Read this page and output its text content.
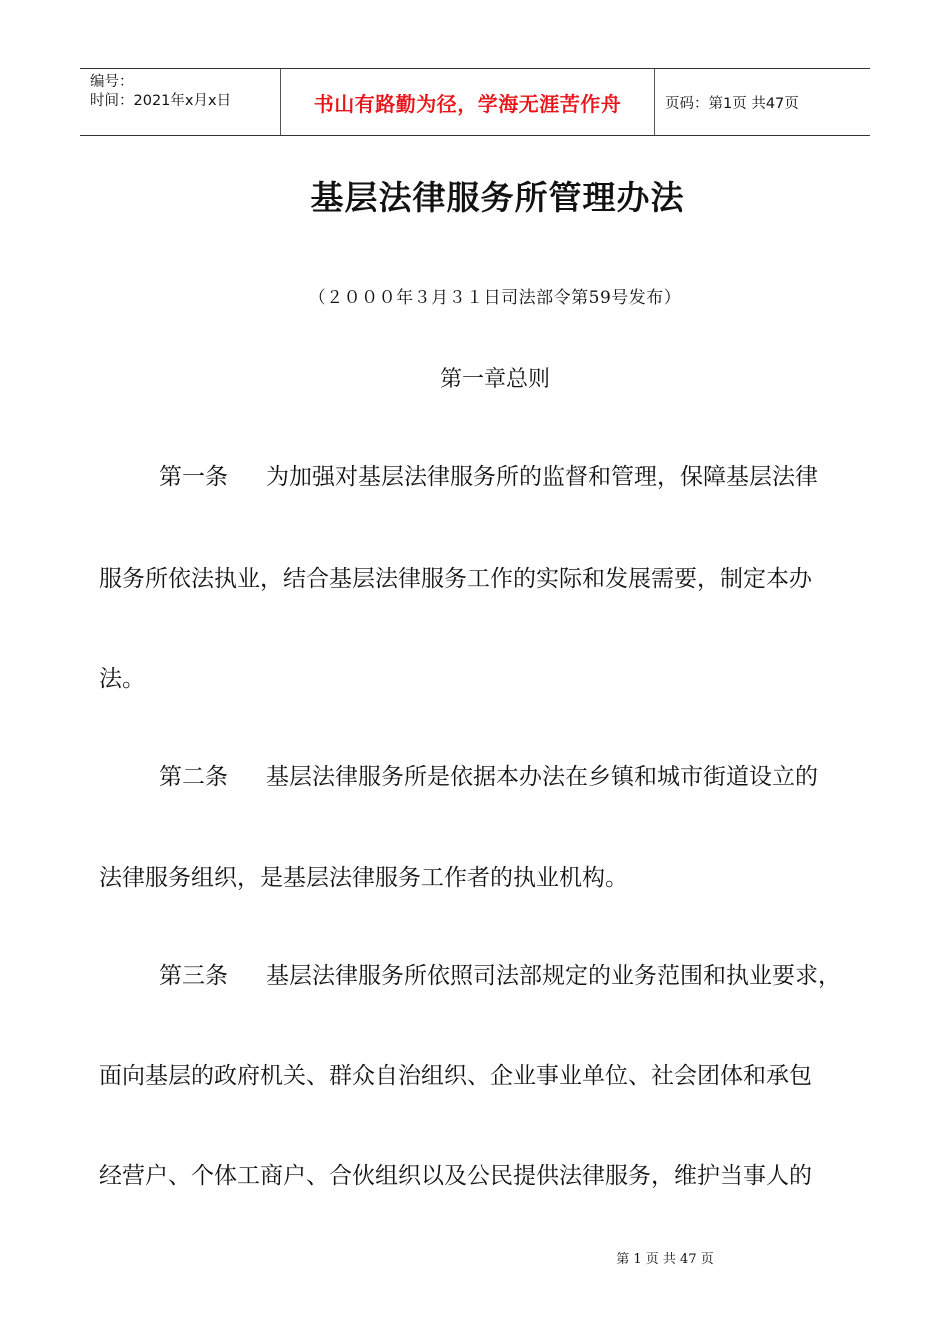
编号：
时间：2021年x月x日	书山有路勤为径，学海无涯苦作舟	页码：第1页 共47页
基层法律服务所管理办法
（２０００年３月３１日司法部令第59号发布）
第一章总则
第一条 为加强对基层法律服务所的监督和管理，保障基层法律
服务所依法执业，结合基层法律服务工作的实际和发展需要，制定本办
法。
第二条 基层法律服务所是依据本办法在乡镇和城市街道设立的
法律服务组织，是基层法律服务工作者的执业机构。
第三条 基层法律服务所依照司法部规定的业务范围和执业要求，
面向基层的政府机关、群众自治组织、企业事业单位、社会团体和承包
经营户、个体工商户、合伙组织以及公民提供法律服务，维护当事人的
第 1 页 共 47 页
